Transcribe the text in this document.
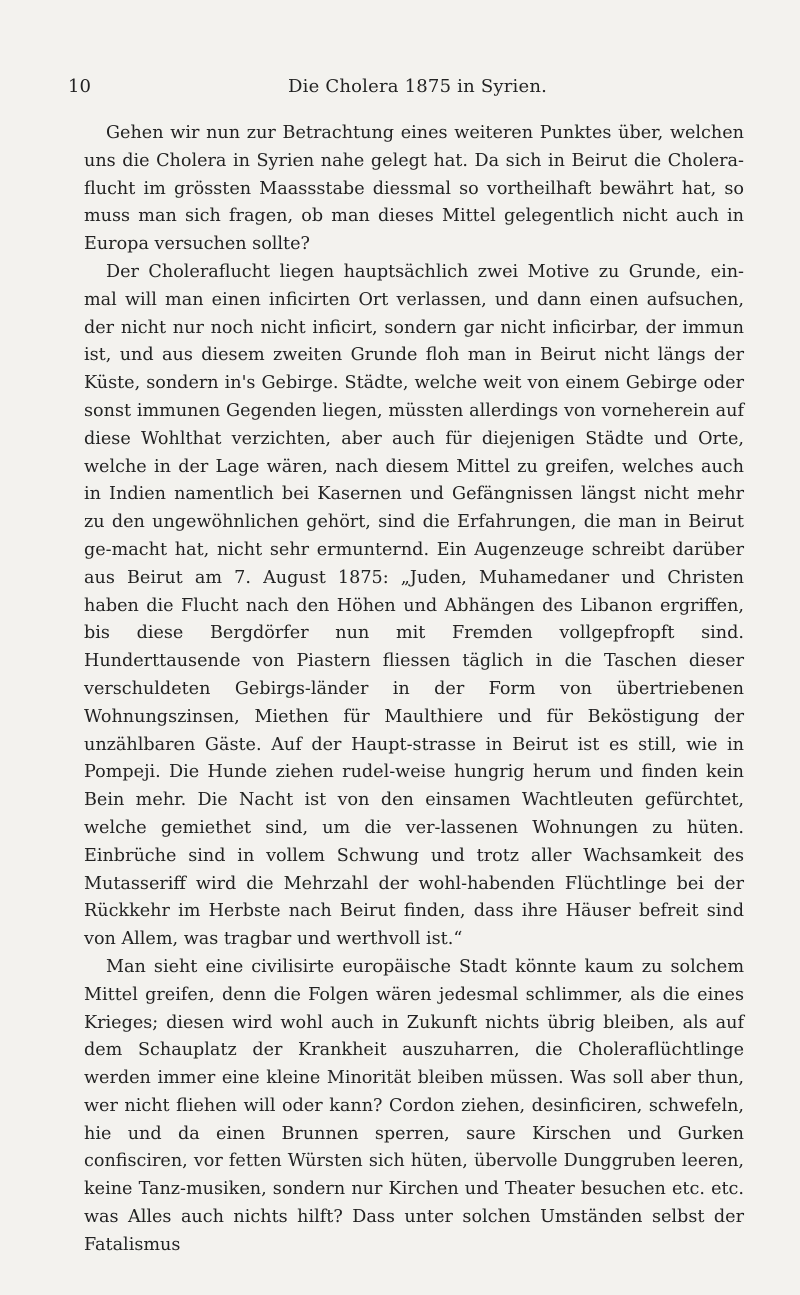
10	Die Cholera 1875 in Syrien.

Gehen wir nun zur Betrachtung eines weiteren Punktes über, welchen uns die Cholera in Syrien nahe gelegt hat. Da sich in Beirut die Cholera-flucht im grössten Maassstabe diessmal so vortheilhaft bewährt hat, so muss man sich fragen, ob man dieses Mittel gelegentlich nicht auch in Europa versuchen sollte?

Der Choleraflucht liegen hauptsächlich zwei Motive zu Grunde, ein-mal will man einen inficirten Ort verlassen, und dann einen aufsuchen, der nicht nur noch nicht inficirt, sondern gar nicht inficirbar, der immun ist, und aus diesem zweiten Grunde floh man in Beirut nicht längs der Küste, sondern in's Gebirge. Städte, welche weit von einem Gebirge oder sonst immunen Gegenden liegen, müssten allerdings von vorneherein auf diese Wohlthat verzichten, aber auch für diejenigen Städte und Orte, welche in der Lage wären, nach diesem Mittel zu greifen, welches auch in Indien namentlich bei Kasernen und Gefängnissen längst nicht mehr zu den ungewöhnlichen gehört, sind die Erfahrungen, die man in Beirut ge-macht hat, nicht sehr ermunternd. Ein Augenzeuge schreibt darüber aus Beirut am 7. August 1875: „Juden, Muhamedaner und Christen haben die Flucht nach den Höhen und Abhängen des Libanon ergriffen, bis diese Bergdörfer nun mit Fremden vollgepfropft sind. Hunderttausende von Piastern fliessen täglich in die Taschen dieser verschuldeten Gebirgs-länder in der Form von übertriebenen Wohnungszinsen, Miethen für Maulthiere und für Beköstigung der unzählbaren Gäste. Auf der Haupt-strasse in Beirut ist es still, wie in Pompeji. Die Hunde ziehen rudel-weise hungrig herum und finden kein Bein mehr. Die Nacht ist von den einsamen Wachtleuten gefürchtet, welche gemiethet sind, um die ver-lassenen Wohnungen zu hüten. Einbrüche sind in vollem Schwung und trotz aller Wachsamkeit des Mutasseriff wird die Mehrzahl der wohl-habenden Flüchtlinge bei der Rückkehr im Herbste nach Beirut finden, dass ihre Häuser befreit sind von Allem, was tragbar und werthvoll ist.“

Man sieht eine civilisirte europäische Stadt könnte kaum zu solchem Mittel greifen, denn die Folgen wären jedesmal schlimmer, als die eines Krieges; diesen wird wohl auch in Zukunft nichts übrig bleiben, als auf dem Schauplatz der Krankheit auszuharren, die Choleraflüchtlinge werden immer eine kleine Minorität bleiben müssen. Was soll aber thun, wer nicht fliehen will oder kann? Cordon ziehen, desinficiren, schwefeln, hie und da einen Brunnen sperren, saure Kirschen und Gurken confisciren, vor fetten Würsten sich hüten, übervolle Dunggruben leeren, keine Tanz-musiken, sondern nur Kirchen und Theater besuchen etc. etc. was Alles auch nichts hilft? Dass unter solchen Umständen selbst der Fatalismus
